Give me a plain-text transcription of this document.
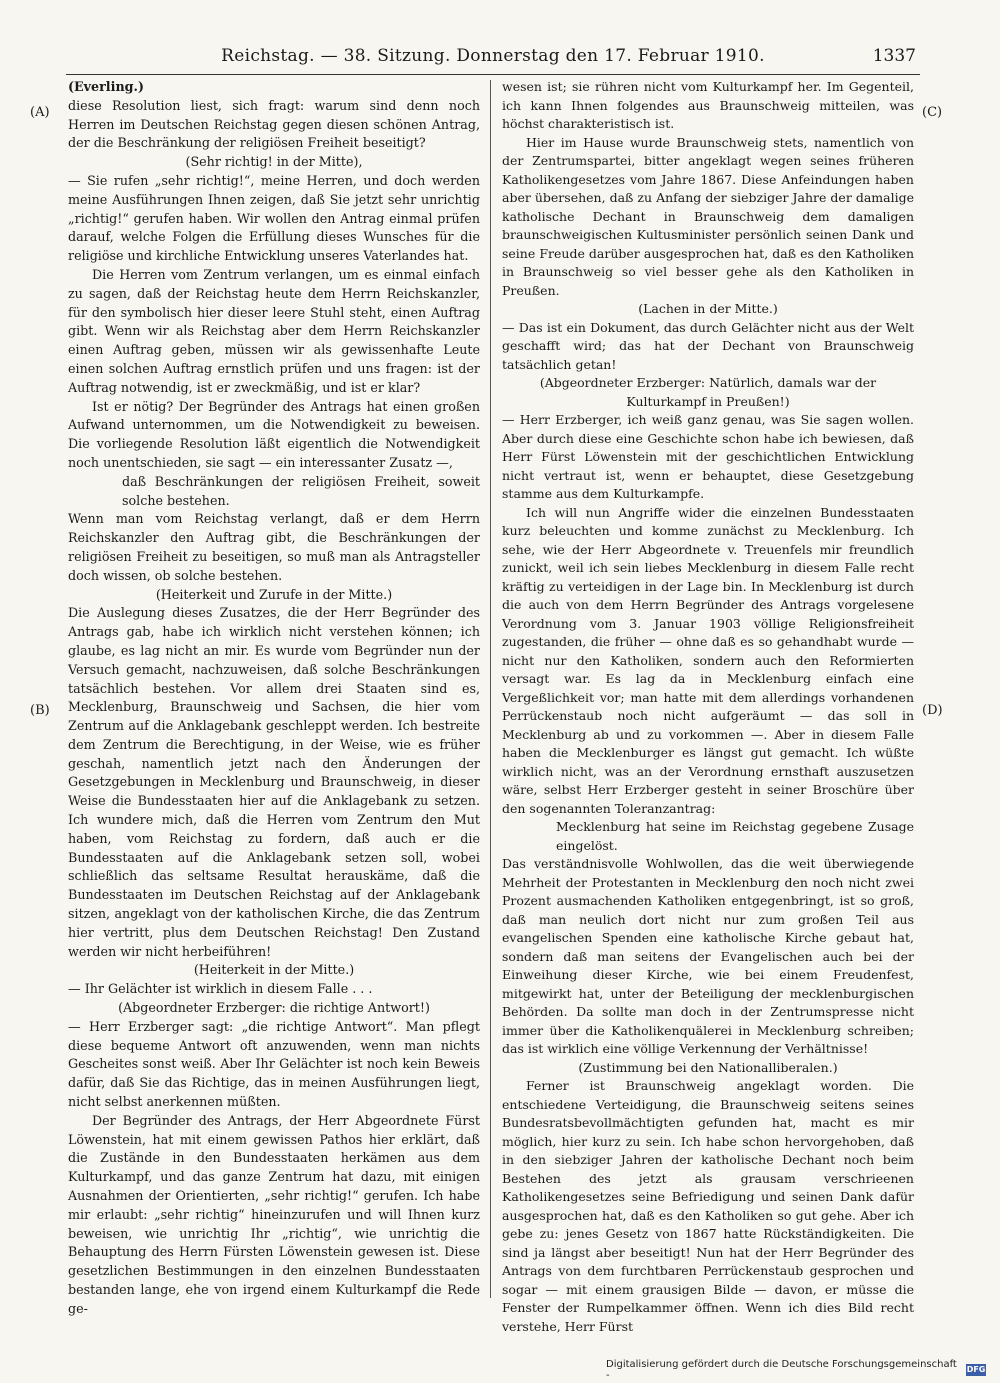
Reichstag. — 38. Sitzung. Donnerstag den 17. Februar 1910.	1337
(A)
(B)
(C)
(D)

(Everling.)

diese Resolution liest, sich fragt: warum sind denn noch Herren im Deutschen Reichstag gegen diesen schönen Antrag, der die Beschränkung der religiösen Freiheit beseitigt?

(Sehr richtig! in der Mitte),

— Sie rufen „sehr richtig!“, meine Herren, und doch werden meine Ausführungen Ihnen zeigen, daß Sie jetzt sehr unrichtig „richtig!“ gerufen haben. Wir wollen den Antrag einmal prüfen darauf, welche Folgen die Erfüllung dieses Wunsches für die religiöse und kirchliche Entwicklung unseres Vaterlandes hat.

Die Herren vom Zentrum verlangen, um es einmal einfach zu sagen, daß der Reichstag heute dem Herrn Reichskanzler, für den symbolisch hier dieser leere Stuhl steht, einen Auftrag gibt. Wenn wir als Reichstag aber dem Herrn Reichskanzler einen Auftrag geben, müssen wir als gewissenhafte Leute einen solchen Auftrag ernstlich prüfen und uns fragen: ist der Auftrag notwendig, ist er zweckmäßig, und ist er klar?

Ist er nötig? Der Begründer des Antrags hat einen großen Aufwand unternommen, um die Notwendigkeit zu beweisen. Die vorliegende Resolution läßt eigentlich die Notwendigkeit noch unentschieden, sie sagt — ein interessanter Zusatz —,

daß Beschränkungen der religiösen Freiheit, soweit solche bestehen.

Wenn man vom Reichstag verlangt, daß er dem Herrn Reichskanzler den Auftrag gibt, die Beschränkungen der religiösen Freiheit zu beseitigen, so muß man als Antragsteller doch wissen, ob solche bestehen.

(Heiterkeit und Zurufe in der Mitte.)

Die Auslegung dieses Zusatzes, die der Herr Begründer des Antrags gab, habe ich wirklich nicht verstehen können; ich glaube, es lag nicht an mir. Es wurde vom Begründer nun der Versuch gemacht, nachzuweisen, daß solche Beschränkungen tatsächlich bestehen. Vor allem drei Staaten sind es, Mecklenburg, Braunschweig und Sachsen, die hier vom Zentrum auf die Anklagebank geschleppt werden. Ich bestreite dem Zentrum die Berechtigung, in der Weise, wie es früher geschah, namentlich jetzt nach den Änderungen der Gesetzgebungen in Mecklenburg und Braunschweig, in dieser Weise die Bundesstaaten hier auf die Anklagebank zu setzen. Ich wundere mich, daß die Herren vom Zentrum den Mut haben, vom Reichstag zu fordern, daß auch er die Bundesstaaten auf die Anklagebank setzen soll, wobei schließlich das seltsame Resultat herauskäme, daß die Bundesstaaten im Deutschen Reichstag auf der Anklagebank sitzen, angeklagt von der katholischen Kirche, die das Zentrum hier vertritt, plus dem Deutschen Reichstag! Den Zustand werden wir nicht herbeiführen!

(Heiterkeit in der Mitte.)

— Ihr Gelächter ist wirklich in diesem Falle . . .

(Abgeordneter Erzberger: die richtige Antwort!)

— Herr Erzberger sagt: „die richtige Antwort“. Man pflegt diese bequeme Antwort oft anzuwenden, wenn man nichts Gescheites sonst weiß. Aber Ihr Gelächter ist noch kein Beweis dafür, daß Sie das Richtige, das in meinen Ausführungen liegt, nicht selbst anerkennen müßten.

Der Begründer des Antrags, der Herr Abgeordnete Fürst Löwenstein, hat mit einem gewissen Pathos hier erklärt, daß die Zustände in den Bundesstaaten herkämen aus dem Kulturkampf, und das ganze Zentrum hat dazu, mit einigen Ausnahmen der Orientierten, „sehr richtig!“ gerufen. Ich habe mir erlaubt: „sehr richtig“ hineinzurufen und will Ihnen kurz beweisen, wie unrichtig Ihr „richtig“, wie unrichtig die Behauptung des Herrn Fürsten Löwenstein gewesen ist. Diese gesetzlichen Bestimmungen in den einzelnen Bundesstaaten bestanden lange, ehe von irgend einem Kulturkampf die Rede ge-

wesen ist; sie rühren nicht vom Kulturkampf her. Im Gegenteil, ich kann Ihnen folgendes aus Braunschweig mitteilen, was höchst charakteristisch ist.

Hier im Hause wurde Braunschweig stets, namentlich von der Zentrumspartei, bitter angeklagt wegen seines früheren Katholikengesetzes vom Jahre 1867. Diese Anfeindungen haben aber übersehen, daß zu Anfang der siebziger Jahre der damalige katholische Dechant in Braunschweig dem damaligen braunschweigischen Kultusminister persönlich seinen Dank und seine Freude darüber ausgesprochen hat, daß es den Katholiken in Braunschweig so viel besser gehe als den Katholiken in Preußen.

(Lachen in der Mitte.)

— Das ist ein Dokument, das durch Gelächter nicht aus der Welt geschafft wird; das hat der Dechant von Braunschweig tatsächlich getan!

(Abgeordneter Erzberger: Natürlich, damals war der Kulturkampf in Preußen!)

— Herr Erzberger, ich weiß ganz genau, was Sie sagen wollen. Aber durch diese eine Geschichte schon habe ich bewiesen, daß Herr Fürst Löwenstein mit der geschichtlichen Entwicklung nicht vertraut ist, wenn er behauptet, diese Gesetzgebung stamme aus dem Kulturkampfe.

Ich will nun Angriffe wider die einzelnen Bundesstaaten kurz beleuchten und komme zunächst zu Mecklenburg. Ich sehe, wie der Herr Abgeordnete v. Treuenfels mir freundlich zunickt, weil ich sein liebes Mecklenburg in diesem Falle recht kräftig zu verteidigen in der Lage bin. In Mecklenburg ist durch die auch von dem Herrn Begründer des Antrags vorgelesene Verordnung vom 3. Januar 1903 völlige Religionsfreiheit zugestanden, die früher — ohne daß es so gehandhabt wurde — nicht nur den Katholiken, sondern auch den Reformierten versagt war. Es lag da in Mecklenburg einfach eine Vergeßlichkeit vor; man hatte mit dem allerdings vorhandenen Perrückenstaub noch nicht aufgeräumt — das soll in Mecklenburg ab und zu vorkommen —. Aber in diesem Falle haben die Mecklenburger es längst gut gemacht. Ich wüßte wirklich nicht, was an der Verordnung ernsthaft auszusetzen wäre, selbst Herr Erzberger gesteht in seiner Broschüre über den sogenannten Toleranzantrag:

Mecklenburg hat seine im Reichstag gegebene Zusage eingelöst.

Das verständnisvolle Wohlwollen, das die weit überwiegende Mehrheit der Protestanten in Mecklenburg den noch nicht zwei Prozent ausmachenden Katholiken entgegenbringt, ist so groß, daß man neulich dort nicht nur zum großen Teil aus evangelischen Spenden eine katholische Kirche gebaut hat, sondern daß man seitens der Evangelischen auch bei der Einweihung dieser Kirche, wie bei einem Freudenfest, mitgewirkt hat, unter der Beteiligung der mecklenburgischen Behörden. Da sollte man doch in der Zentrumspresse nicht immer über die Katholikenquälerei in Mecklenburg schreiben; das ist wirklich eine völlige Verkennung der Verhältnisse!

(Zustimmung bei den Nationalliberalen.)

Ferner ist Braunschweig angeklagt worden. Die entschiedene Verteidigung, die Braunschweig seitens seines Bundesratsbevollmächtigten gefunden hat, macht es mir möglich, hier kurz zu sein. Ich habe schon hervorgehoben, daß in den siebziger Jahren der katholische Dechant noch beim Bestehen des jetzt als grausam verschrieenen Katholikengesetzes seine Befriedigung und seinen Dank dafür ausgesprochen hat, daß es den Katholiken so gut gehe. Aber ich gebe zu: jenes Gesetz von 1867 hatte Rückständigkeiten. Die sind ja längst aber beseitigt! Nun hat der Herr Begründer des Antrags von dem furchtbaren Perrückenstaub gesprochen und sogar — mit einem grausigen Bilde — davon, er müsse die Fenster der Rumpelkammer öffnen. Wenn ich dies Bild recht verstehe, Herr Fürst

Digitalisierung gefördert durch die Deutsche Forschungsgemeinschaft -
DFG
